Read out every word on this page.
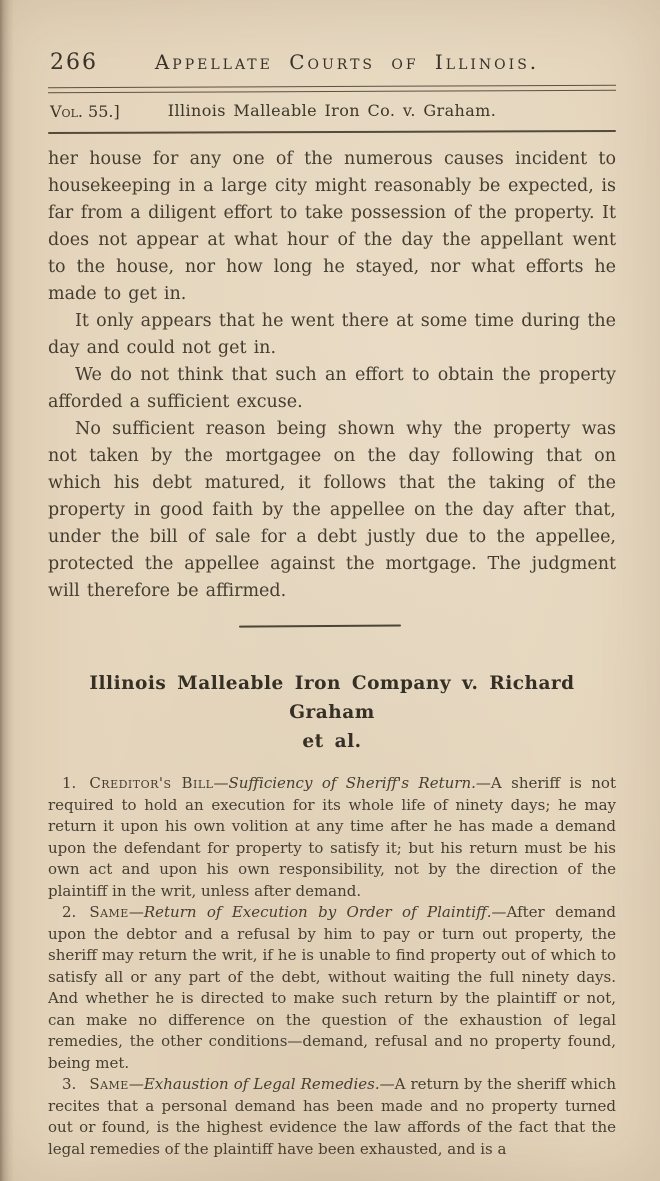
266	Appellate Courts of Illinois.
Vol. 55.]	Illinois Malleable Iron Co. v. Graham.

her house for any one of the numerous causes incident to housekeeping in a large city might reasonably be expected, is far from a diligent effort to take possession of the property. It does not appear at what hour of the day the appellant went to the house, nor how long he stayed, nor what efforts he made to get in.

It only appears that he went there at some time during the day and could not get in.

We do not think that such an effort to obtain the property afforded a sufficient excuse.

No sufficient reason being shown why the property was not taken by the mortgagee on the day following that on which his debt matured, it follows that the taking of the property in good faith by the appellee on the day after that, under the bill of sale for a debt justly due to the appellee, protected the appellee against the mortgage. The judgment will therefore be affirmed.

Illinois Malleable Iron Company v. Richard Graham
et al.

1. Creditor's Bill—Sufficiency of Sheriff's Return.—A sheriff is not required to hold an execution for its whole life of ninety days; he may return it upon his own volition at any time after he has made a demand upon the defendant for property to satisfy it; but his return must be his own act and upon his own responsibility, not by the direction of the plaintiff in the writ, unless after demand.

2. Same—Return of Execution by Order of Plaintiff.—After demand upon the debtor and a refusal by him to pay or turn out property, the sheriff may return the writ, if he is unable to find property out of which to satisfy all or any part of the debt, without waiting the full ninety days. And whether he is directed to make such return by the plaintiff or not, can make no difference on the question of the exhaustion of legal remedies, the other conditions—demand, refusal and no property found, being met.

3. Same—Exhaustion of Legal Remedies.—A return by the sheriff which recites that a personal demand has been made and no property turned out or found, is the highest evidence the law affords of the fact that the legal remedies of the plaintiff have been exhausted, and is a
